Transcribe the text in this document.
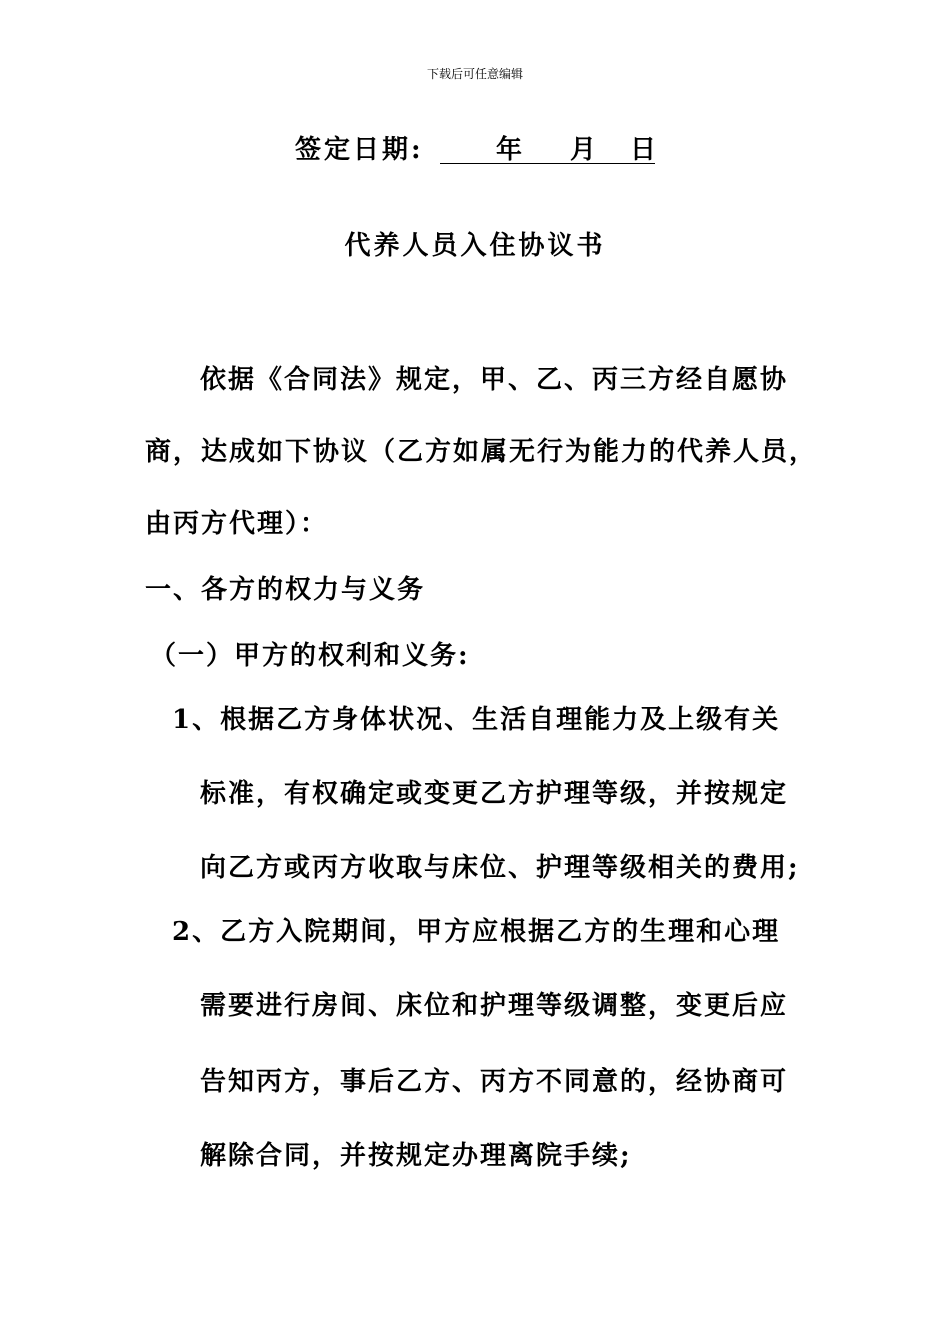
下载后可任意编辑
签定日期:	年 月 日
代养人员入住协议书
依据《合同法》规定，甲、乙、丙三方经自愿协
商，达成如下协议（乙方如属无行为能力的代养人员，
由丙方代理）：
一、各方的权力与义务
（一）甲方的权利和义务:
1、根据乙方身体状况、生活自理能力及上级有关
标准，有权确定或变更乙方护理等级，并按规定
向乙方或丙方收取与床位、护理等级相关的费用;
2、乙方入院期间，甲方应根据乙方的生理和心理
需要进行房间、床位和护理等级调整，变更后应
告知丙方，事后乙方、丙方不同意的，经协商可
解除合同，并按规定办理离院手续;
